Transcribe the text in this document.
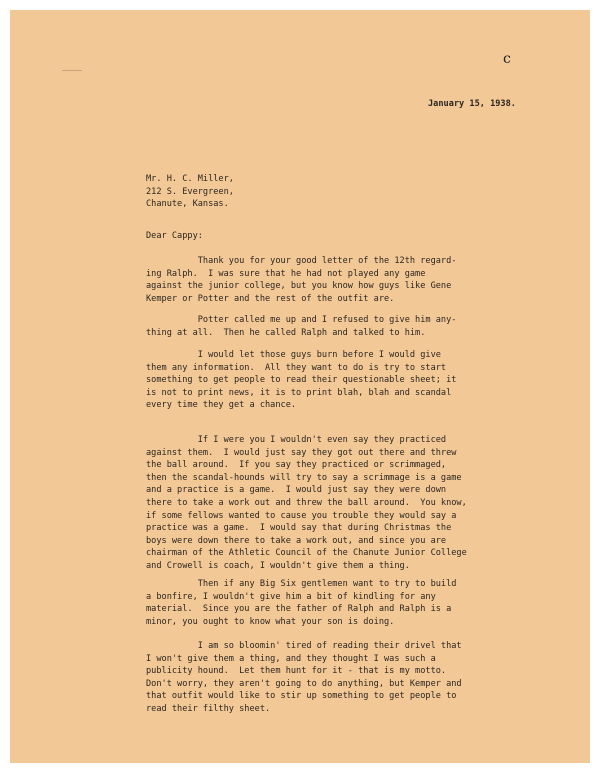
c
January 15, 1938.
Mr. H. C. Miller,
212 S. Evergreen,
Chanute, Kansas.
Dear Cappy:
Thank you for your good letter of the 12th regard-
ing Ralph.  I was sure that he had not played any game
against the junior college, but you know how guys like Gene
Kemper or Potter and the rest of the outfit are.
Potter called me up and I refused to give him any-
thing at all.  Then he called Ralph and talked to him.
I would let those guys burn before I would give
them any information.  All they want to do is try to start
something to get people to read their questionable sheet; it
is not to print news, it is to print blah, blah and scandal
every time they get a chance.
If I were you I wouldn't even say they practiced
against them.  I would just say they got out there and threw
the ball around.  If you say they practiced or scrimmaged,
then the scandal-hounds will try to say a scrimmage is a game
and a practice is a game.  I would just say they were down
there to take a work out and threw the ball around.  You know,
if some fellows wanted to cause you trouble they would say a
practice was a game.  I would say that during Christmas the
boys were down there to take a work out, and since you are
chairman of the Athletic Council of the Chanute Junior College
and Crowell is coach, I wouldn't give them a thing.
Then if any Big Six gentlemen want to try to build
a bonfire, I wouldn't give him a bit of kindling for any
material.  Since you are the father of Ralph and Ralph is a
minor, you ought to know what your son is doing.
I am so bloomin' tired of reading their drivel that
I won't give them a thing, and they thought I was such a
publicity hound.  Let them hunt for it - that is my motto.
Don't worry, they aren't going to do anything, but Kemper and
that outfit would like to stir up something to get people to
read their filthy sheet.
